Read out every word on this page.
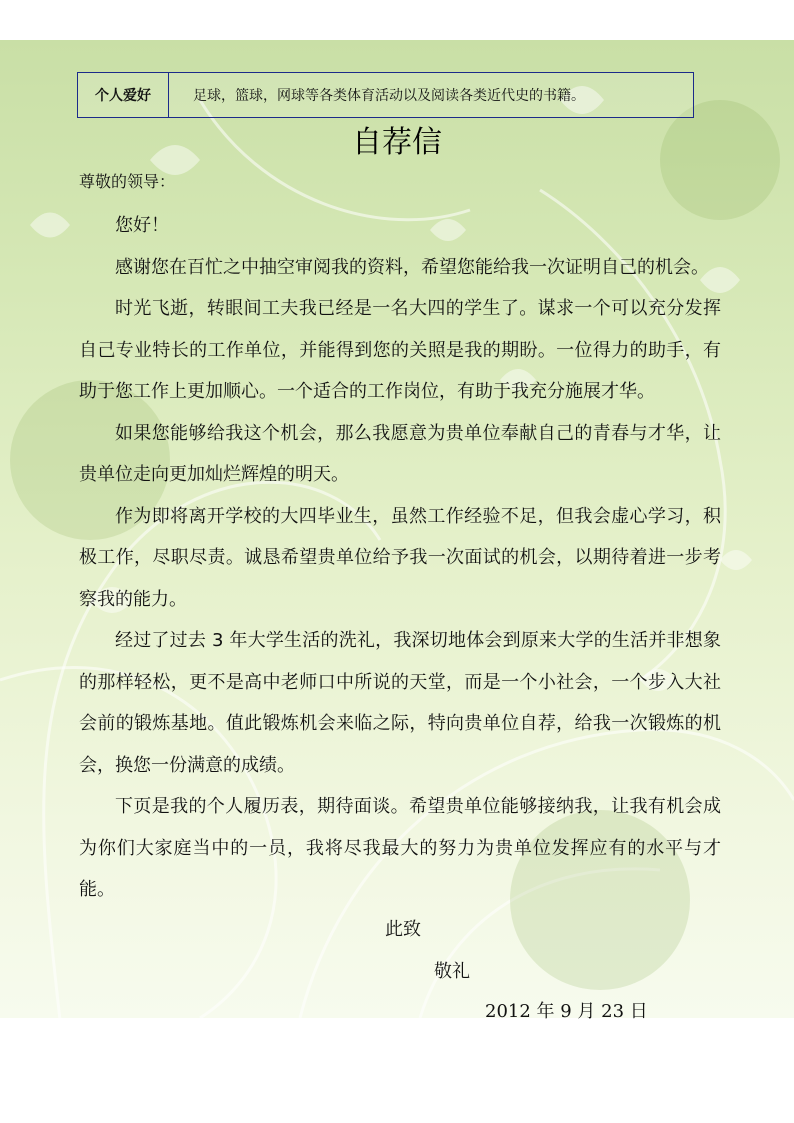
个人爱好	足球，篮球，网球等各类体育活动以及阅读各类近代史的书籍。
自荐信
尊敬的领导：

您好！

感谢您在百忙之中抽空审阅我的资料，希望您能给我一次证明自己的机会。

时光飞逝，转眼间工夫我已经是一名大四的学生了。谋求一个可以充分发挥自己专业特长的工作单位，并能得到您的关照是我的期盼。一位得力的助手，有助于您工作上更加顺心。一个适合的工作岗位，有助于我充分施展才华。

如果您能够给我这个机会，那么我愿意为贵单位奉献自己的青春与才华，让贵单位走向更加灿烂辉煌的明天。

作为即将离开学校的大四毕业生，虽然工作经验不足，但我会虚心学习，积极工作，尽职尽责。诚恳希望贵单位给予我一次面试的机会，以期待着进一步考察我的能力。

经过了过去 3 年大学生活的洗礼，我深切地体会到原来大学的生活并非想象的那样轻松，更不是高中老师口中所说的天堂，而是一个小社会，一个步入大社会前的锻炼基地。值此锻炼机会来临之际，特向贵单位自荐，给我一次锻炼的机会，换您一份满意的成绩。

下页是我的个人履历表，期待面谈。希望贵单位能够接纳我，让我有机会成为你们大家庭当中的一员，我将尽我最大的努力为贵单位发挥应有的水平与才能。

此致
敬礼
2012 年 9 月 23 日
